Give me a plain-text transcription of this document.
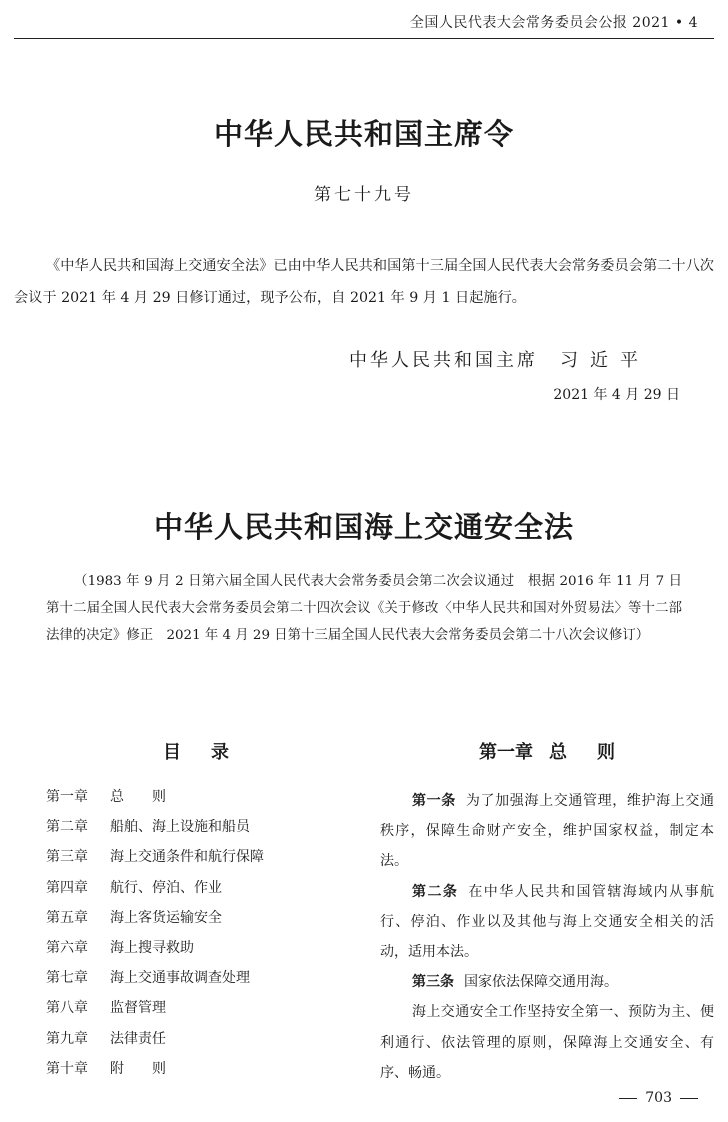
全国人民代表大会常务委员会公报 2021 • 4
中华人民共和国主席令
第七十九号
《中华人民共和国海上交通安全法》已由中华人民共和国第十三届全国人民代表大会常务委员会第二十八次会议于 2021 年 4 月 29 日修订通过，现予公布，自 2021 年 9 月 1 日起施行。
中华人民共和国主席 习近平
2021 年 4 月 29 日
中华人民共和国海上交通安全法
（1983 年 9 月 2 日第六届全国人民代表大会常务委员会第二次会议通过　根据 2016 年 11 月 7 日第十二届全国人民代表大会常务委员会第二十四次会议《关于修改〈中华人民共和国对外贸易法〉等十二部法律的决定》修正　2021 年 4 月 29 日第十三届全国人民代表大会常务委员会第二十八次会议修订）
目录
第一章	总　　则
第二章	船舶、海上设施和船员
第三章	海上交通条件和航行保障
第四章	航行、停泊、作业
第五章	海上客货运输安全
第六章	海上搜寻救助
第七章	海上交通事故调查处理
第八章	监督管理
第九章	法律责任
第十章	附　　则
第一章 总则
第一条 为了加强海上交通管理，维护海上交通秩序，保障生命财产安全，维护国家权益，制定本法。
第二条 在中华人民共和国管辖海域内从事航行、停泊、作业以及其他与海上交通安全相关的活动，适用本法。
第三条 国家依法保障交通用海。
海上交通安全工作坚持安全第一、预防为主、便利通行、依法管理的原则，保障海上交通安全、有序、畅通。
703
